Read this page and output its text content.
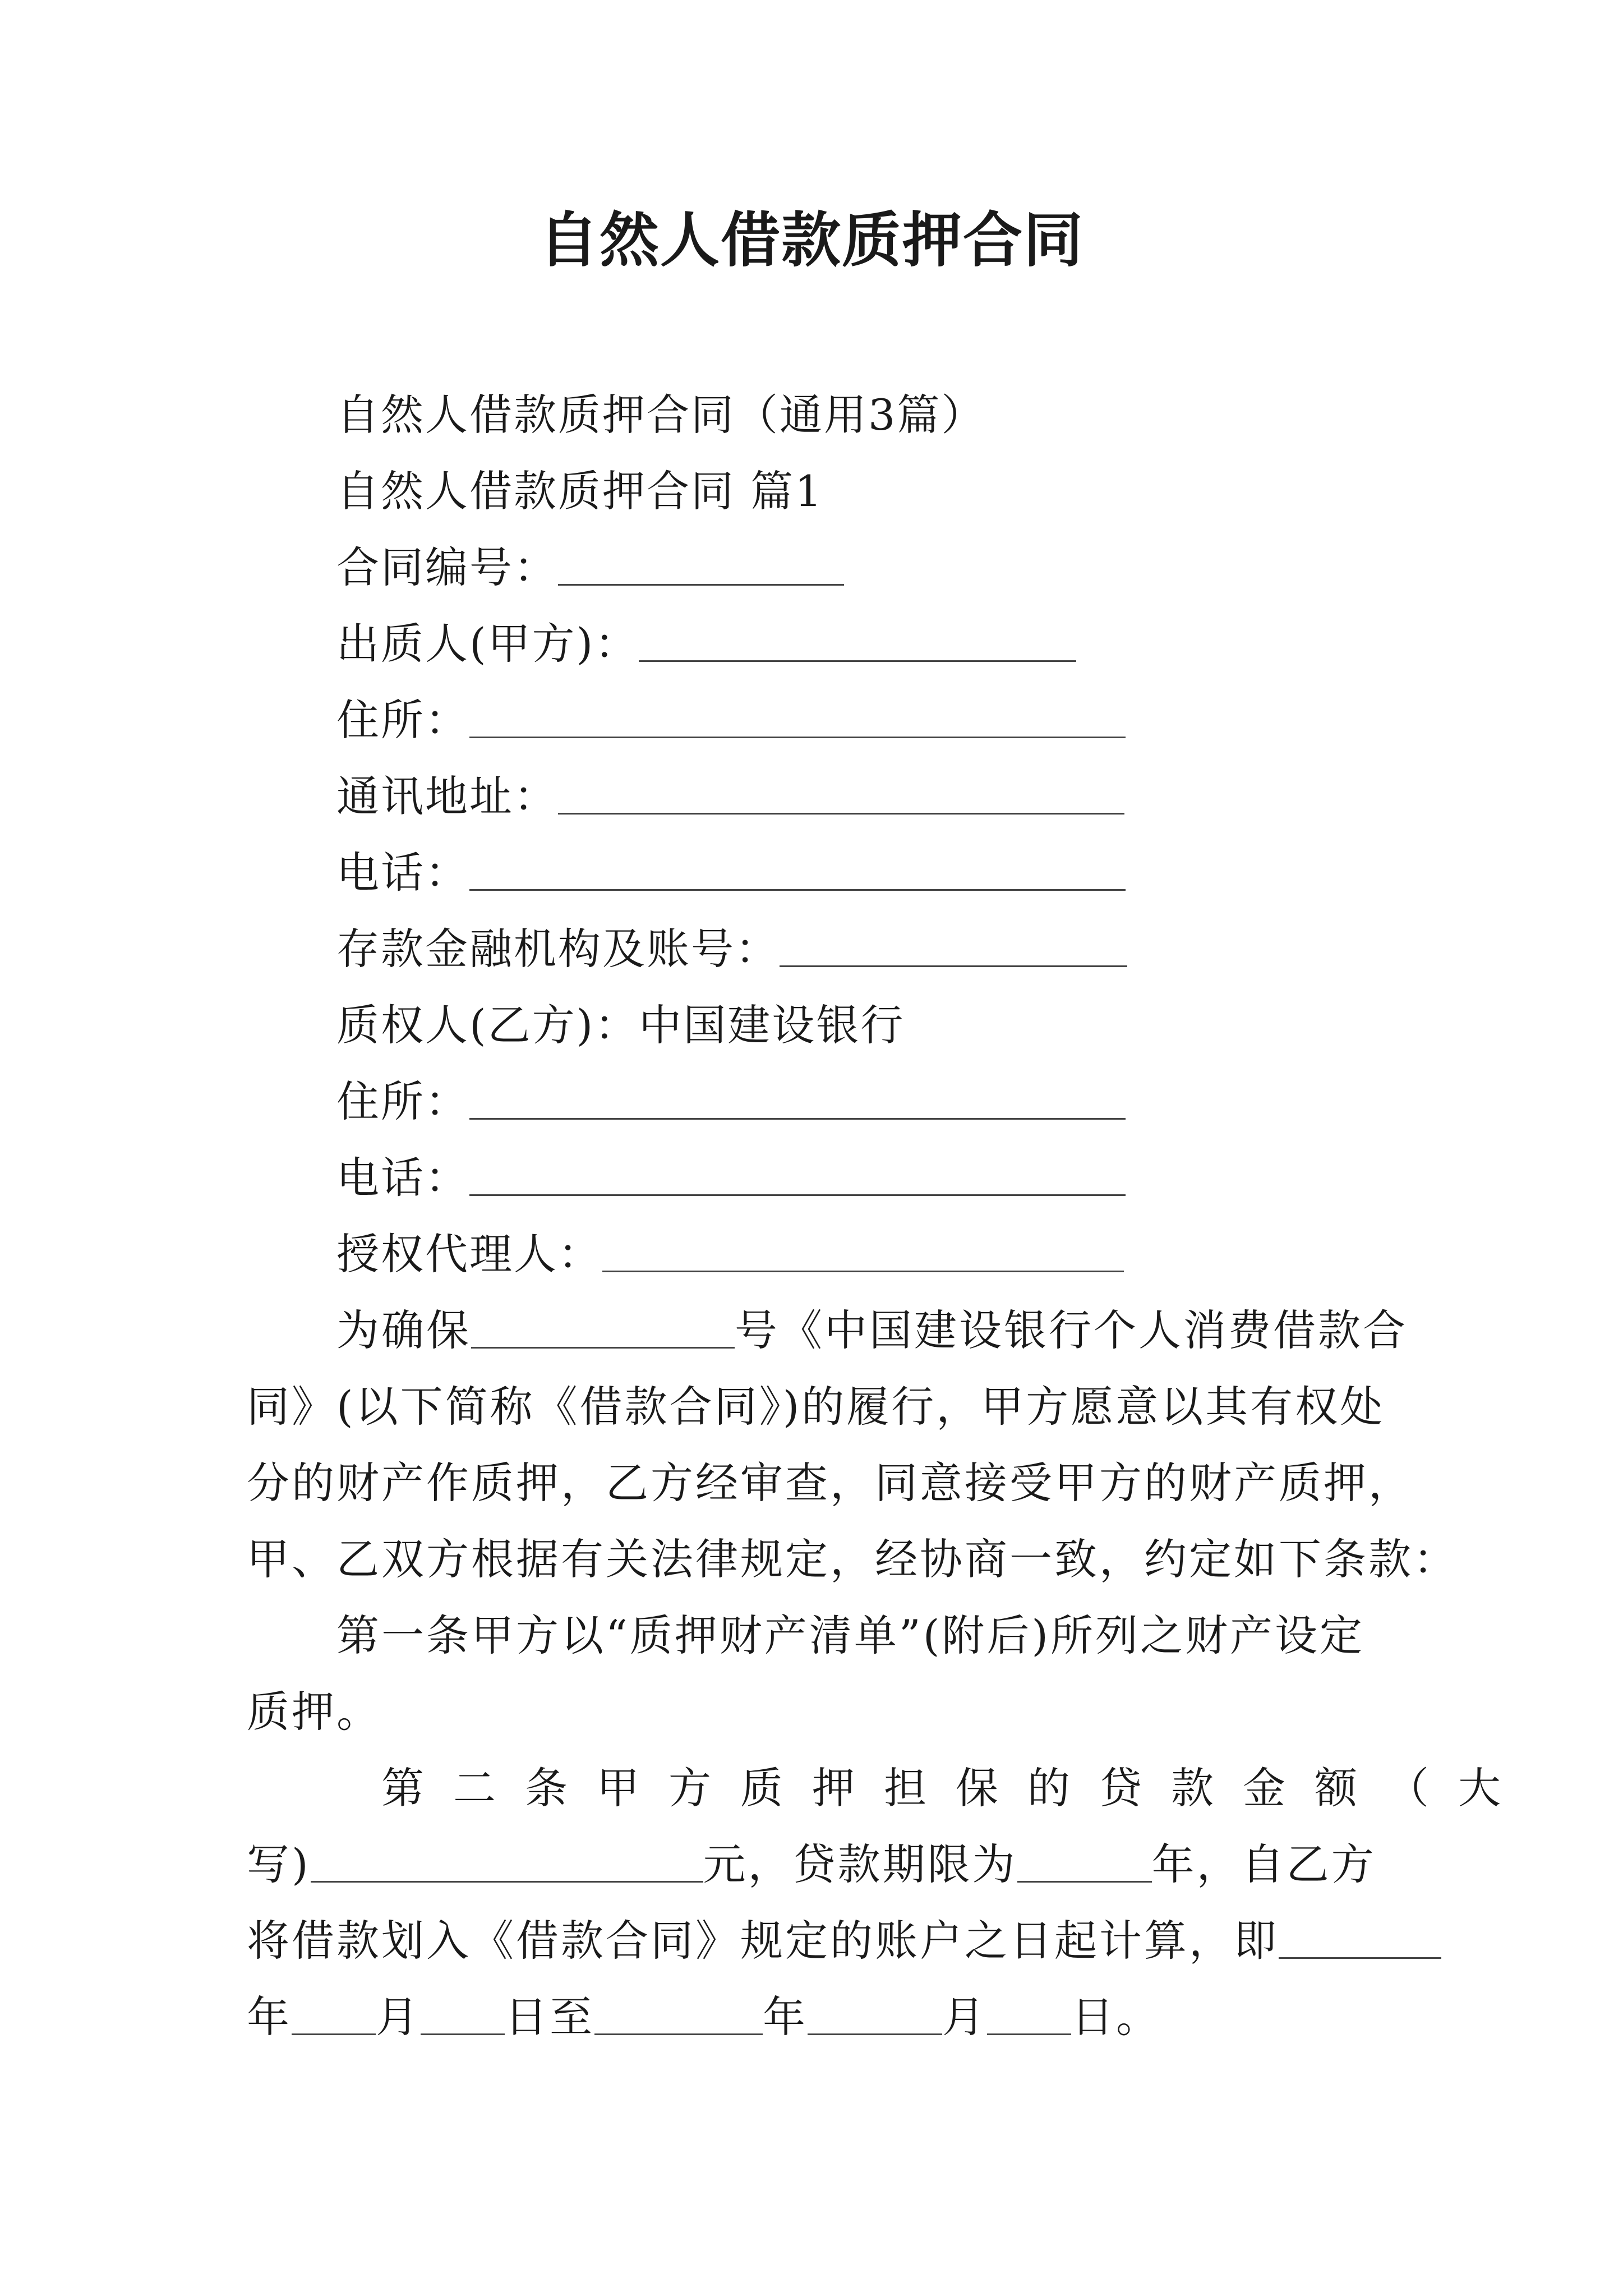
自然人借款质押合同
自然人借款质押合同（通用3篇）
自然人借款质押合同 篇1
合同编号：
出质人(甲方)：
住所：
通讯地址：
电话：
存款金融机构及账号：
质权人(乙方)：中国建设银行
住所：
电话：
授权代理人：
为确保	号《中国建设银行个人消费借款合
同》(以下简称《借款合同》)的履行，甲方愿意以其有权处
分的财产作质押，乙方经审查，同意接受甲方的财产质押，
甲、乙双方根据有关法律规定，经协商一致，约定如下条款：
第一条甲方以“质押财产清单”(附后)所列之财产设定
质押。
第二条甲方质押担保的贷款金额（大
写)	元，贷款期限为	年，自乙方
将借款划入《借款合同》规定的账户之日起计算，即
年 月 日至	年	月 日。
